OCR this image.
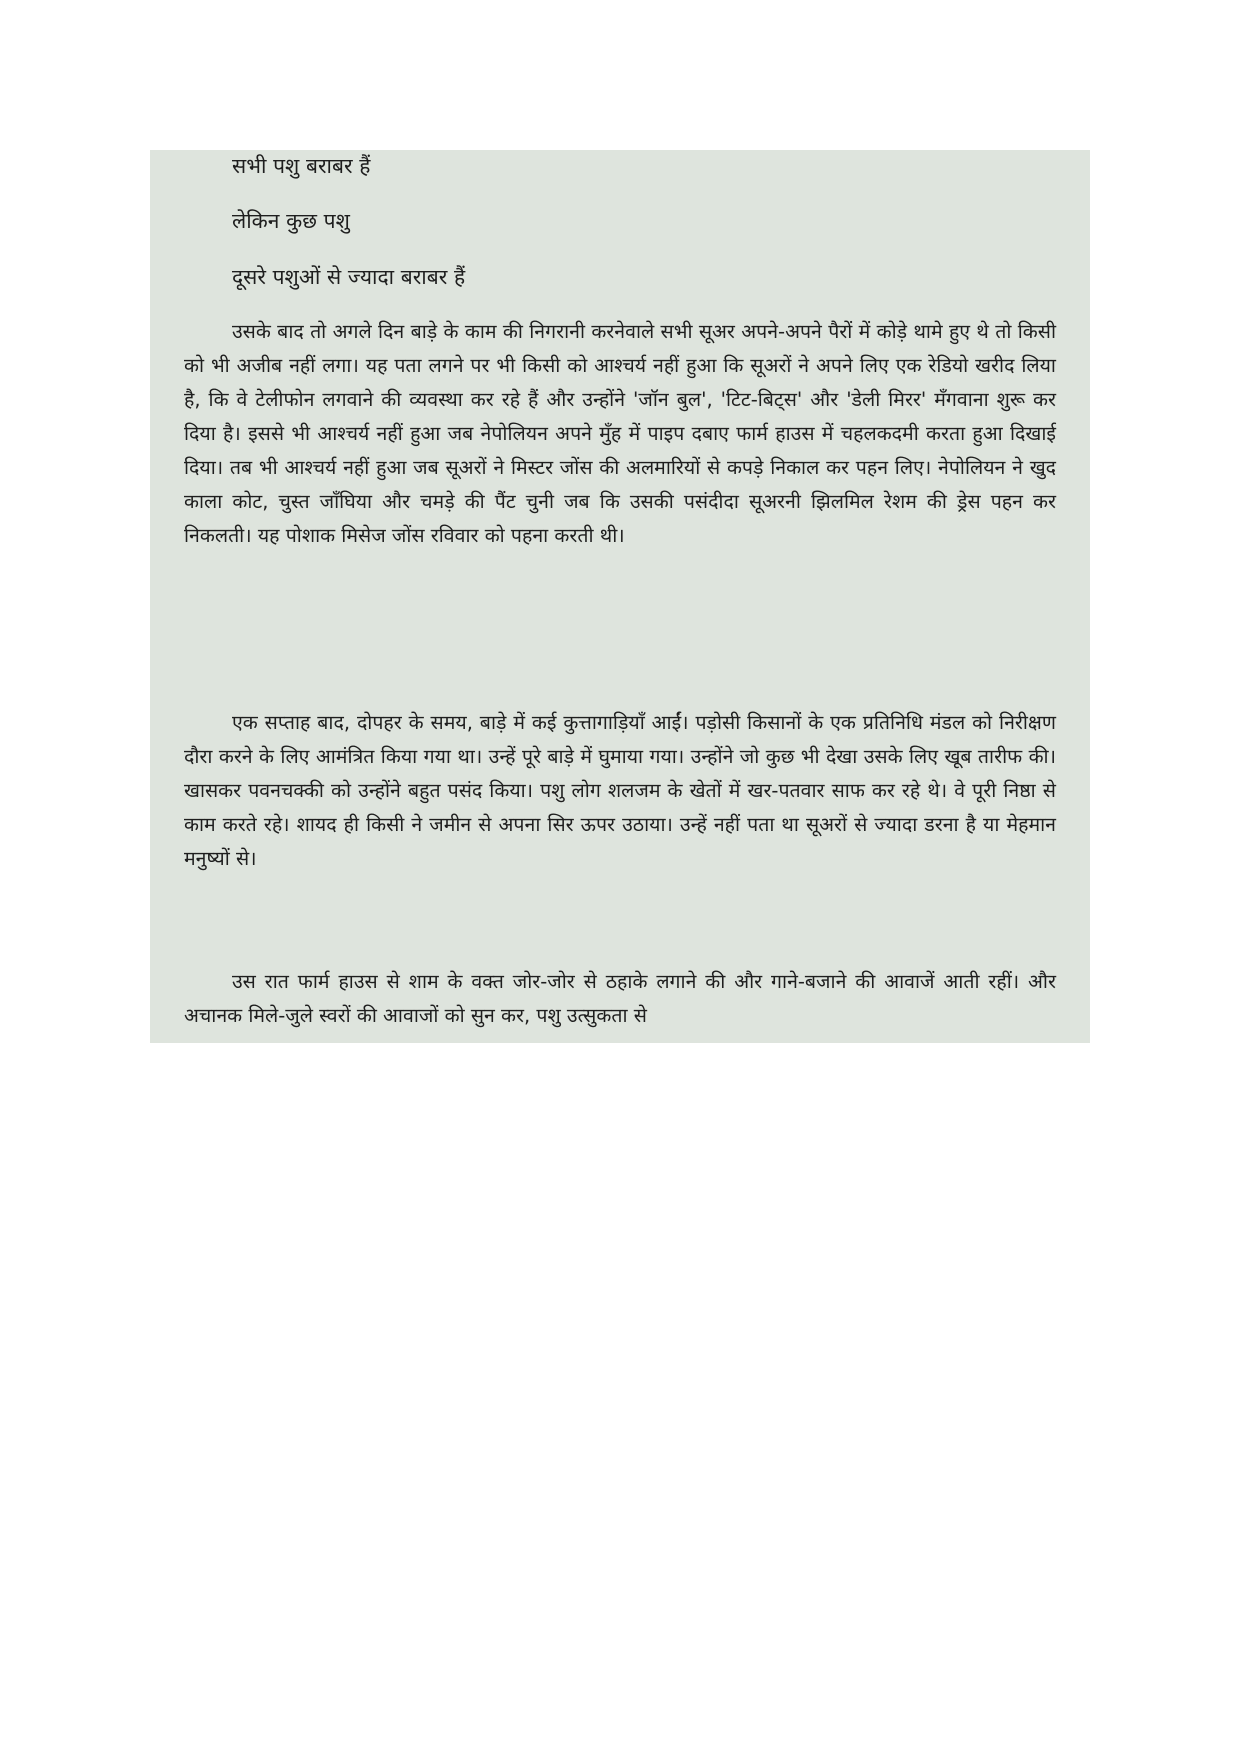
सभी पशु बराबर हैं

लेकिन कुछ पशु

दूसरे पशुओं से ज्यादा बराबर हैं

उसके बाद तो अगले दिन बाड़े के काम की निगरानी करनेवाले सभी सूअर अपने-अपने पैरों में कोड़े थामे हुए थे तो किसी को भी अजीब नहीं लगा। यह पता लगने पर भी किसी को आश्चर्य नहीं हुआ कि सूअरों ने अपने लिए एक रेडियो खरीद लिया है, कि वे टेलीफोन लगवाने की व्यवस्था कर रहे हैं और उन्होंने 'जॉन बुल', 'टिट-बिट्स' और 'डेली मिरर' मँगवाना शुरू कर दिया है। इससे भी आश्चर्य नहीं हुआ जब नेपोलियन अपने मुँह में पाइप दबाए फार्म हाउस में चहलकदमी करता हुआ दिखाई दिया। तब भी आश्चर्य नहीं हुआ जब सूअरों ने मिस्टर जोंस की अलमारियों से कपड़े निकाल कर पहन लिए। नेपोलियन ने खुद काला कोट, चुस्त जाँघिया और चमड़े की पैंट चुनी जब कि उसकी पसंदीदा सूअरनी झिलमिल रेशम की ड्रेस पहन कर निकलती। यह पोशाक मिसेज जोंस रविवार को पहना करती थी।

एक सप्ताह बाद, दोपहर के समय, बाड़े में कई कुत्तागाड़ियाँ आईं। पड़ोसी किसानों के एक प्रतिनिधि मंडल को निरीक्षण दौरा करने के लिए आमंत्रित किया गया था। उन्हें पूरे बाड़े में घुमाया गया। उन्होंने जो कुछ भी देखा उसके लिए खूब तारीफ की। खासकर पवनचक्की को उन्होंने बहुत पसंद किया। पशु लोग शलजम के खेतों में खर-पतवार साफ कर रहे थे। वे पूरी निष्ठा से काम करते रहे। शायद ही किसी ने जमीन से अपना सिर ऊपर उठाया। उन्हें नहीं पता था सूअरों से ज्यादा डरना है या मेहमान मनुष्यों से।

उस रात फार्म हाउस से शाम के वक्त जोर-जोर से ठहाके लगाने की और गाने-बजाने की आवाजें आती रहीं। और अचानक मिले-जुले स्वरों की आवाजों को सुन कर, पशु उत्सुकता से
